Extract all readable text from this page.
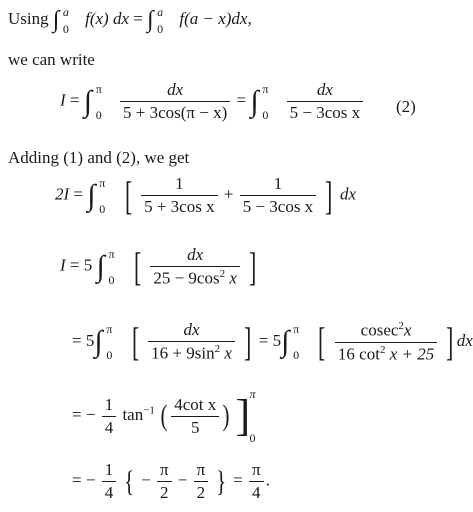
Using ∫ a
0
f(x) dx = ∫ a
0
f(a − x)dx,
we can write
I = ∫ π
0
$\frac{dx}{5 + 3\cos(\pi - x)}$ = ∫ π
0
$\frac{dx}{\text{5 − 3cos x}} (2)$
Adding (1) and (2), we get
2I = ∫ π
0 [ $\frac{1}{\text{5 + 3cos x}} + \frac{1}{\text{5 − 3cos x}}$ ] dx
I = 5 ∫ π
0 [ $\frac{dx}{25 - 9\cos^2 x}$ ]
= 5∫ π
0 [ $\frac{dx}{16 + 9\sin^2 x}$ ] = 5∫ π
0 [ $\frac{cosec^2x}{16 \cot^2 x + 25}$ ] dx
= − $\frac{1}{4} \tan^{-1}$ ( $\frac{\text{4cot x}}{5}$ ) ] π
0
= − $\frac{1}{4}$ { − $\frac{\pi}{2} - \frac{\pi}{2}$ } = $\frac{\pi}{4}$ .
